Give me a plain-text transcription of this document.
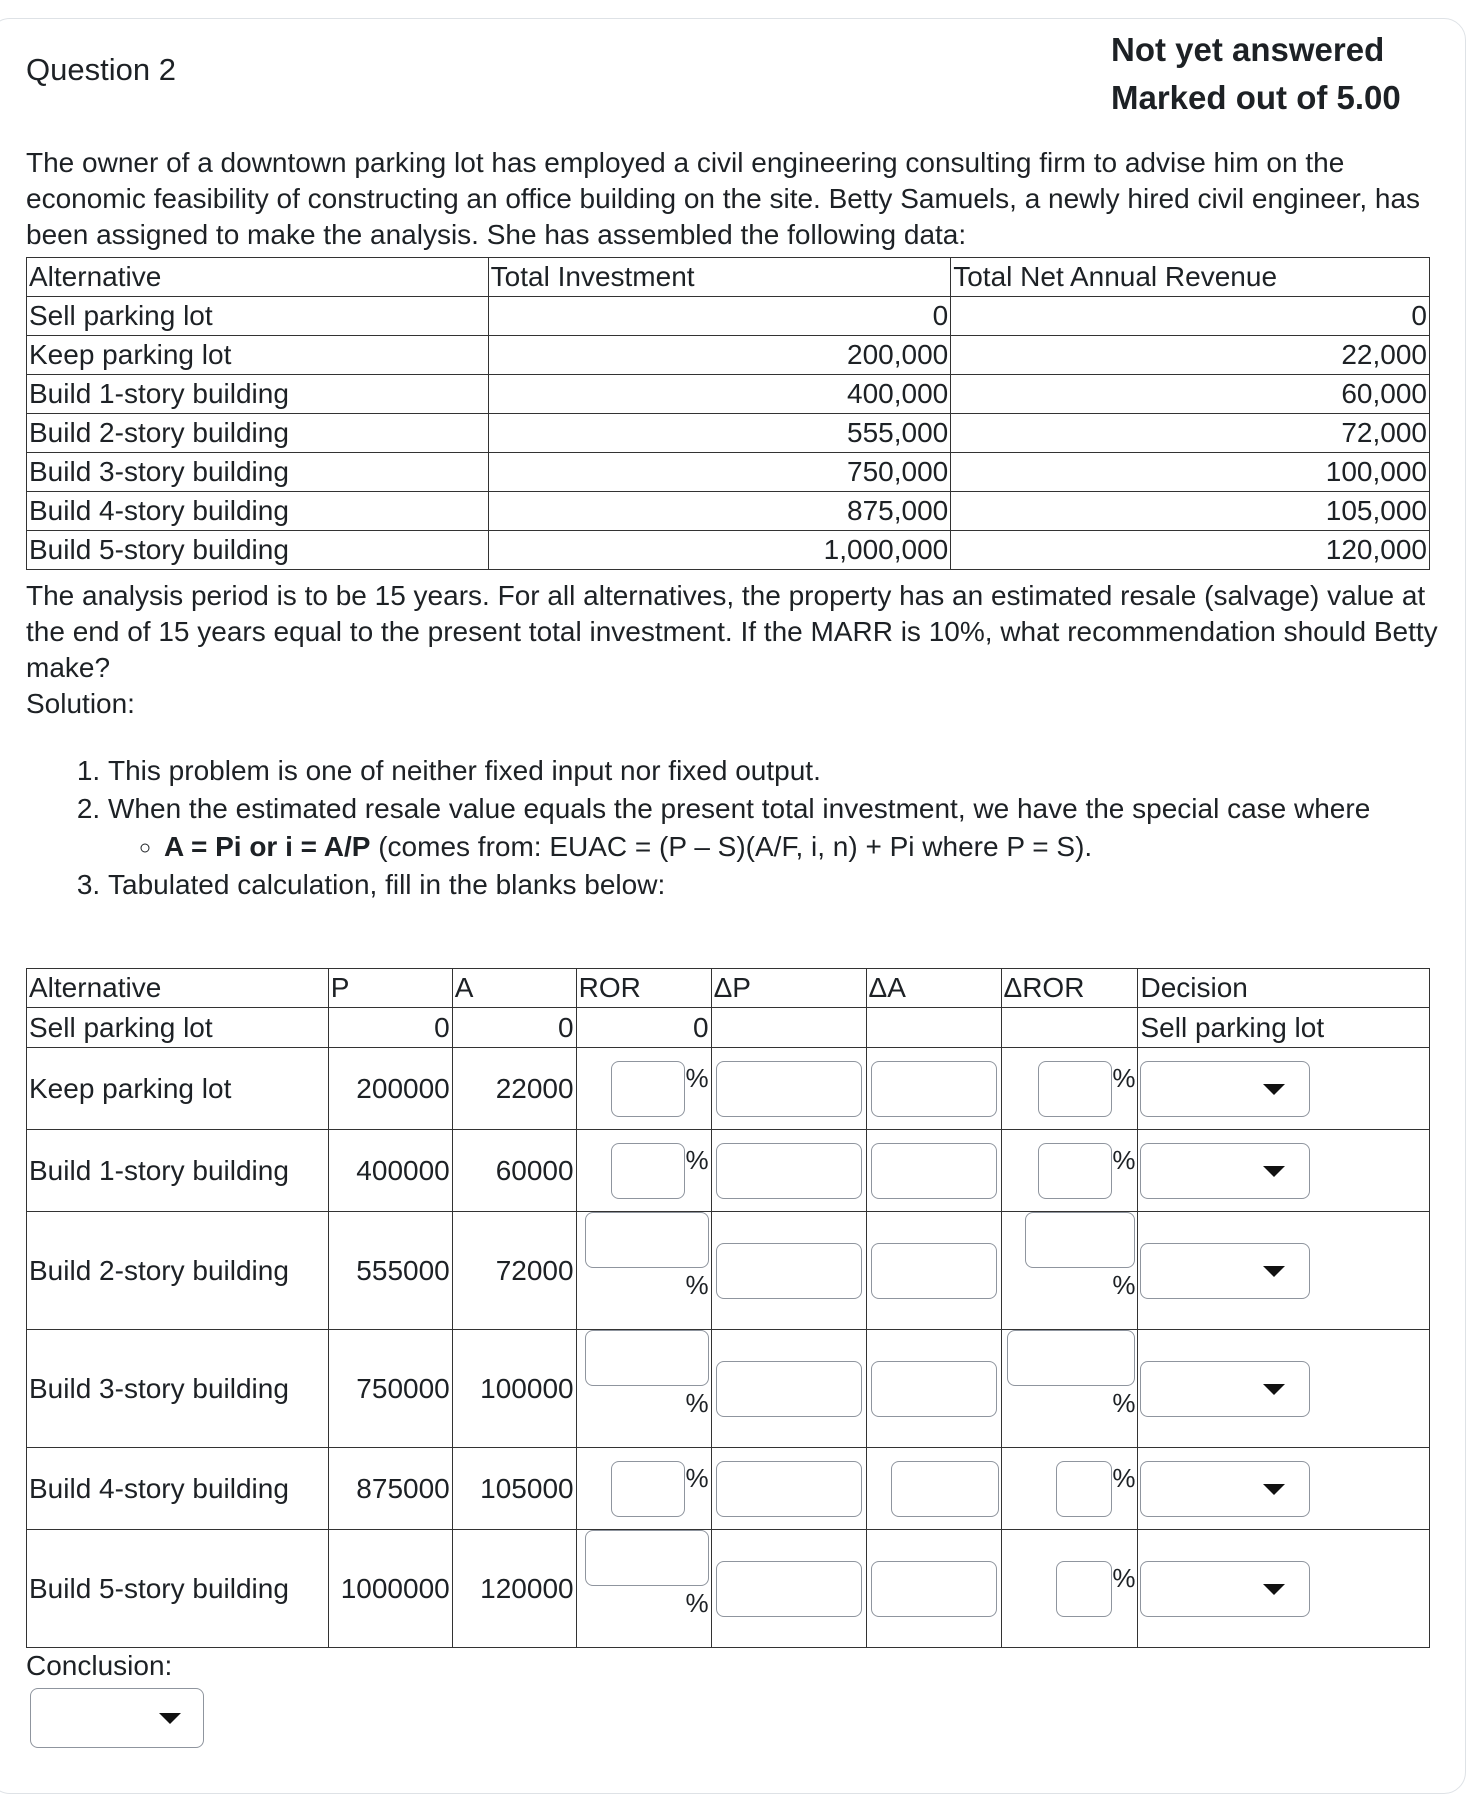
Question 2
Not yet answered
Marked out of 5.00

The owner of a downtown parking lot has employed a civil engineering consulting firm to advise him on the economic feasibility of constructing an office building on the site. Betty Samuels, a newly hired civil engineer, has been assigned to make the analysis. She has assembled the following data:

Alternative	Total Investment	Total Net Annual Revenue
Sell parking lot	0	0
Keep parking lot	200,000	22,000
Build 1-story building	400,000	60,000
Build 2-story building	555,000	72,000
Build 3-story building	750,000	100,000
Build 4-story building	875,000	105,000
Build 5-story building	1,000,000	120,000

The analysis period is to be 15 years. For all alternatives, the property has an estimated resale (salvage) value at the end of 15 years equal to the present total investment. If the MARR is 10%, what recommendation should Betty make?

Solution:

1. This problem is one of neither fixed input nor fixed output.
2. When the estimated resale value equals the present total investment, we have the special case where
◦ A = Pi or i = A/P (comes from: EUAC = (P – S)(A/F, i, n) + Pi where P = S).
3. Tabulated calculation, fill in the blanks below:
Alternative	P	A	ROR	ΔP	ΔA	ΔROR	Decision
Sell parking lot	0	0	0				Sell parking lot
Keep parking lot	200000	22000	%			%	

Build 1-story building	400000	60000	%			%	

Build 2-story building	555000	72000	%			%	

Build 3-story building	750000	100000	%			%	

Build 4-story building	875000	105000	%			%	

Build 5-story building	1000000	120000	%			%	
Conclusion:
